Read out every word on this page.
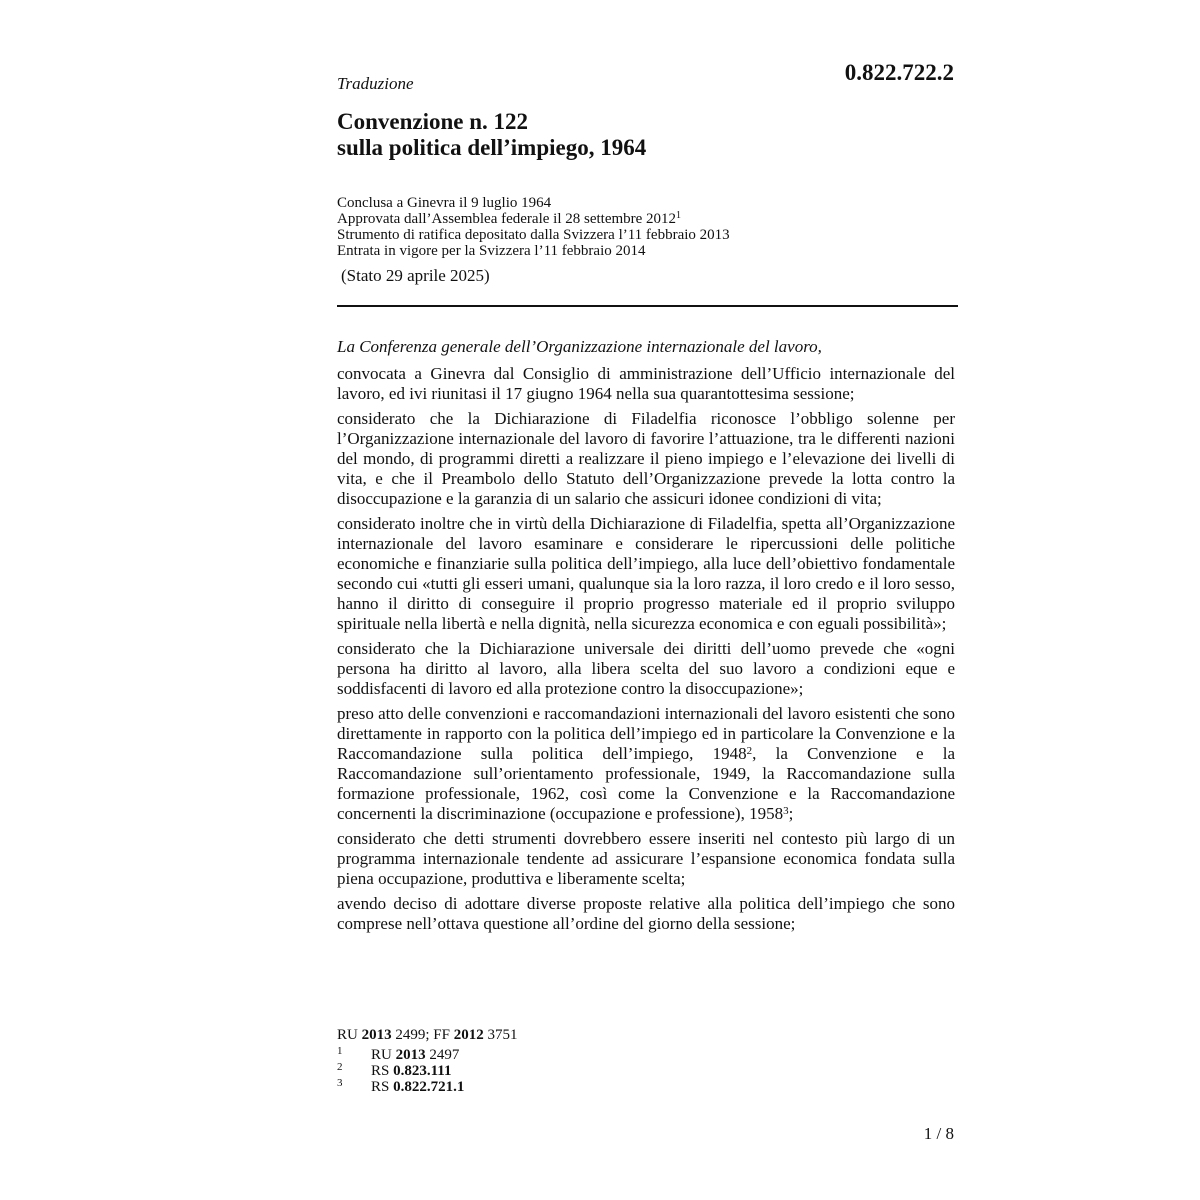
Traduzione	0.822.722.2
Convenzione n. 122
sulla politica dell’impiego, 1964
Conclusa a Ginevra il 9 luglio 1964
Approvata dall’Assemblea federale il 28 settembre 2012$^1$
Strumento di ratifica depositato dalla Svizzera l’11 febbraio 2013
Entrata in vigore per la Svizzera l’11 febbraio 2014
(Stato 29 aprile 2025)

La Conferenza generale dell’Organizzazione internazionale del lavoro,

convocata a Ginevra dal Consiglio di amministrazione dell’Ufficio internazionale del lavoro, ed ivi riunitasi il 17 giugno 1964 nella sua quarantottesima sessione;

considerato che la Dichiarazione di Filadelfia riconosce l’obbligo solenne per l’Organizzazione internazionale del lavoro di favorire l’attuazione, tra le differenti nazioni del mondo, di programmi diretti a realizzare il pieno impiego e l’elevazione dei livelli di vita, e che il Preambolo dello Statuto dell’Organizzazione prevede la lotta contro la disoccupazione e la garanzia di un salario che assicuri idonee condizioni di vita;

considerato inoltre che in virtù della Dichiarazione di Filadelfia, spetta all’Organizzazione internazionale del lavoro esaminare e considerare le ripercussioni delle politiche economiche e finanziarie sulla politica dell’impiego, alla luce dell’obiettivo fondamentale secondo cui «tutti gli esseri umani, qualunque sia la loro razza, il loro credo e il loro sesso, hanno il diritto di conseguire il proprio progresso materiale ed il proprio sviluppo spirituale nella libertà e nella dignità, nella sicurezza economica e con eguali possibilità»;

considerato che la Dichiarazione universale dei diritti dell’uomo prevede che «ogni persona ha diritto al lavoro, alla libera scelta del suo lavoro a condizioni eque e soddisfacenti di lavoro ed alla protezione contro la disoccupazione»;

preso atto delle convenzioni e raccomandazioni internazionali del lavoro esistenti che sono direttamente in rapporto con la politica dell’impiego ed in particolare la Convenzione e la Raccomandazione sulla politica dell’impiego, 1948$^2$, la Convenzione e la Raccomandazione sull’orientamento professionale, 1949, la Raccomandazione sulla formazione professionale, 1962, così come la Convenzione e la Raccomandazione concernenti la discriminazione (occupazione e professione), 1958$^3$;

considerato che detti strumenti dovrebbero essere inseriti nel contesto più largo di un programma internazionale tendente ad assicurare l’espansione economica fondata sulla piena occupazione, produttiva e liberamente scelta;

avendo deciso di adottare diverse proposte relative alla politica dell’impiego che sono comprese nell’ottava questione all’ordine del giorno della sessione;

RU 2013 2499; FF 2012 3751
1 RU 2013 2497
2 RS 0.823.111
3 RS 0.822.721.1
1 / 8
